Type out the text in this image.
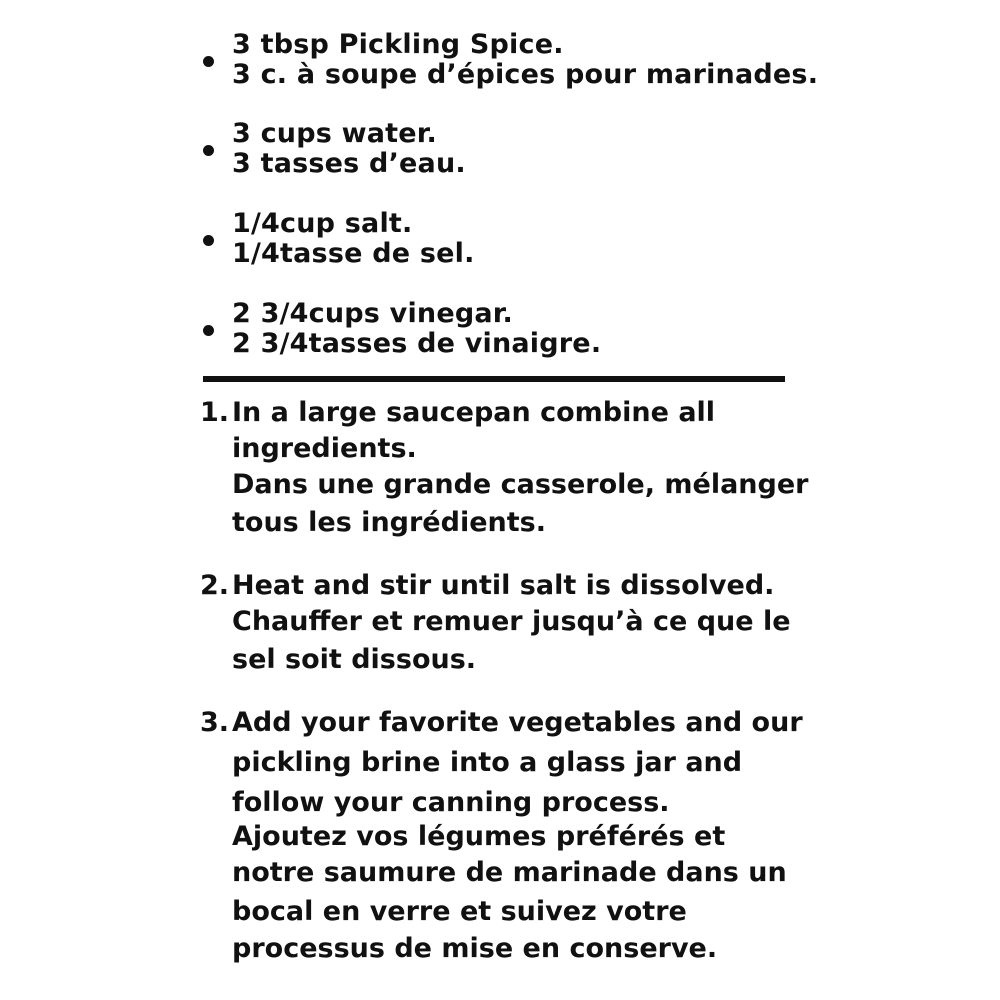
3 tbsp Pickling Spice.
3 c. à soupe d’épices pour marinades.
3 cups water.
3 tasses d’eau.
1/4cup salt.
1/4tasse de sel.
2 3/4cups vinegar.
2 3/4tasses de vinaigre.
1. In a large saucepan combine all
ingredients.
Dans une grande casserole, mélanger
tous les ingrédients.
2. Heat and stir until salt is dissolved.
Chauffer et remuer jusqu’à ce que le
sel soit dissous.
3. Add your favorite vegetables and our
pickling brine into a glass jar and
follow your canning process.
Ajoutez vos légumes préférés et
notre saumure de marinade dans un
bocal en verre et suivez votre
processus de mise en conserve.
